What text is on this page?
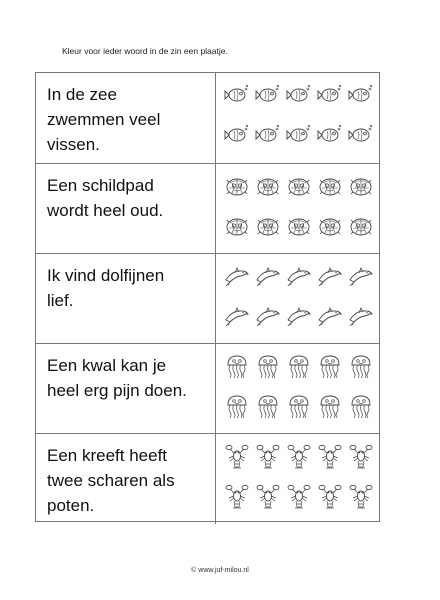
Kleur voor ieder woord in de zin een plaatje.
In de zee
zwemmen veel
vissen.
Een schildpad
wordt heel oud.
Ik vind dolfijnen
lief.
Een kwal kan je
heel erg pijn doen.
Een kreeft heeft
twee scharen als
poten.
© www.juf-milou.nl
